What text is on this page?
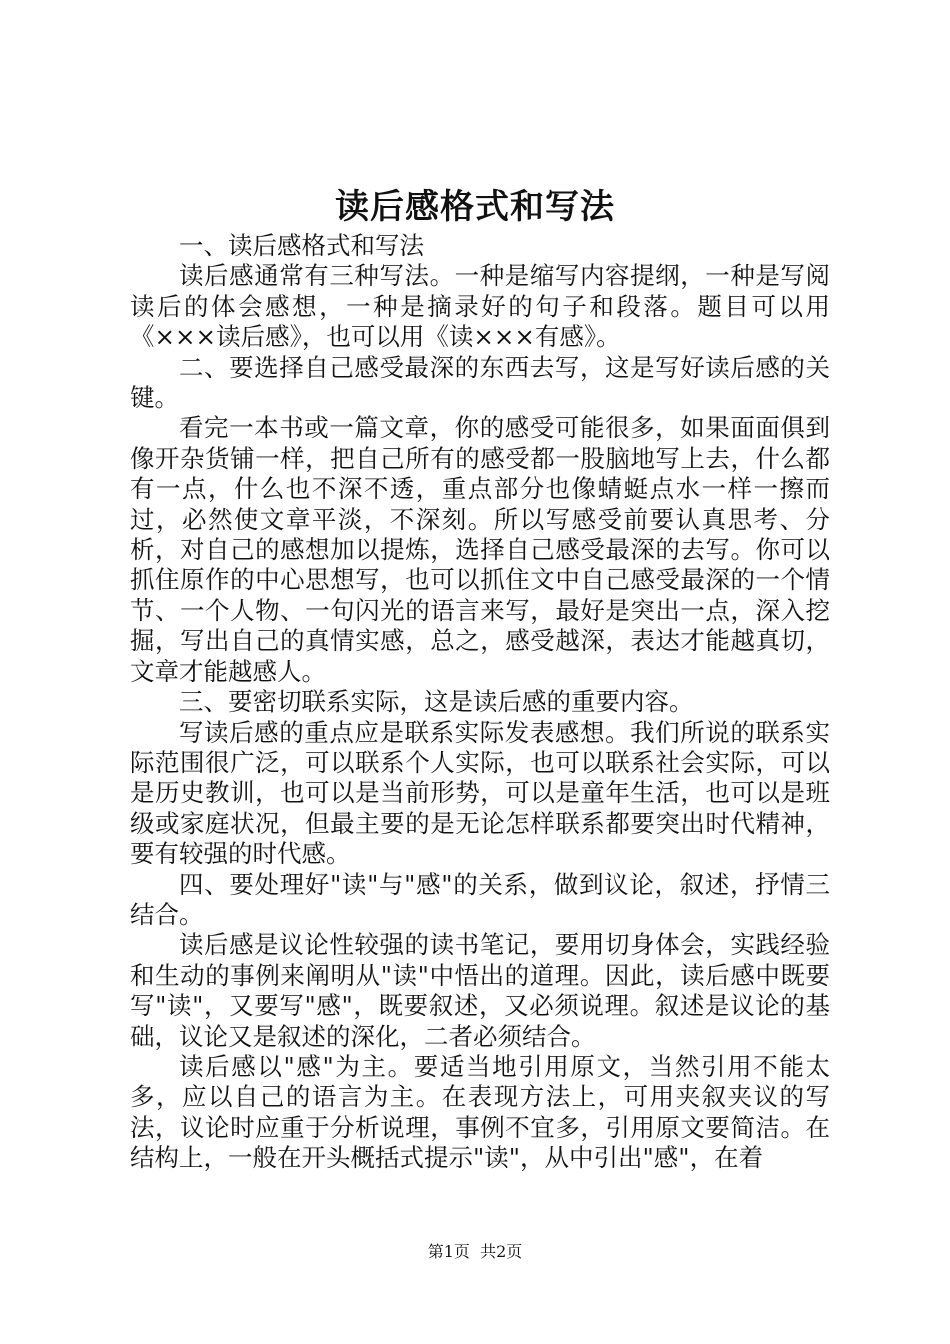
读后感格式和写法

一、读后感格式和写法

读后感通常有三种写法。一种是缩写内容提纲，一种是写阅读后的体会感想，一种是摘录好的句子和段落。题目可以用《×××读后感》，也可以用《读×××有感》。

二、要选择自己感受最深的东西去写，这是写好读后感的关键。

看完一本书或一篇文章，你的感受可能很多，如果面面俱到像开杂货铺一样，把自己所有的感受都一股脑地写上去，什么都有一点，什么也不深不透，重点部分也像蜻蜓点水一样一擦而过，必然使文章平淡，不深刻。所以写感受前要认真思考、分析，对自己的感想加以提炼，选择自己感受最深的去写。你可以抓住原作的中心思想写，也可以抓住文中自己感受最深的一个情节、一个人物、一句闪光的语言来写，最好是突出一点，深入挖掘，写出自己的真情实感，总之，感受越深，表达才能越真切，文章才能越感人。

三、要密切联系实际，这是读后感的重要内容。

写读后感的重点应是联系实际发表感想。我们所说的联系实际范围很广泛，可以联系个人实际，也可以联系社会实际，可以是历史教训，也可以是当前形势，可以是童年生活，也可以是班级或家庭状况，但最主要的是无论怎样联系都要突出时代精神，要有较强的时代感。

四、要处理好"读"与"感"的关系，做到议论，叙述，抒情三结合。

读后感是议论性较强的读书笔记，要用切身体会，实践经验和生动的事例来阐明从"读"中悟出的道理。因此，读后感中既要写"读"，又要写"感"，既要叙述，又必须说理。叙述是议论的基础，议论又是叙述的深化，二者必须结合。

读后感以"感"为主。要适当地引用原文，当然引用不能太多，应以自己的语言为主。在表现方法上，可用夹叙夹议的写法，议论时应重于分析说理，事例不宜多，引用原文要简洁。在结构上，一般在开头概括式提示"读"，从中引出"感"，在着

第1页 共2页
